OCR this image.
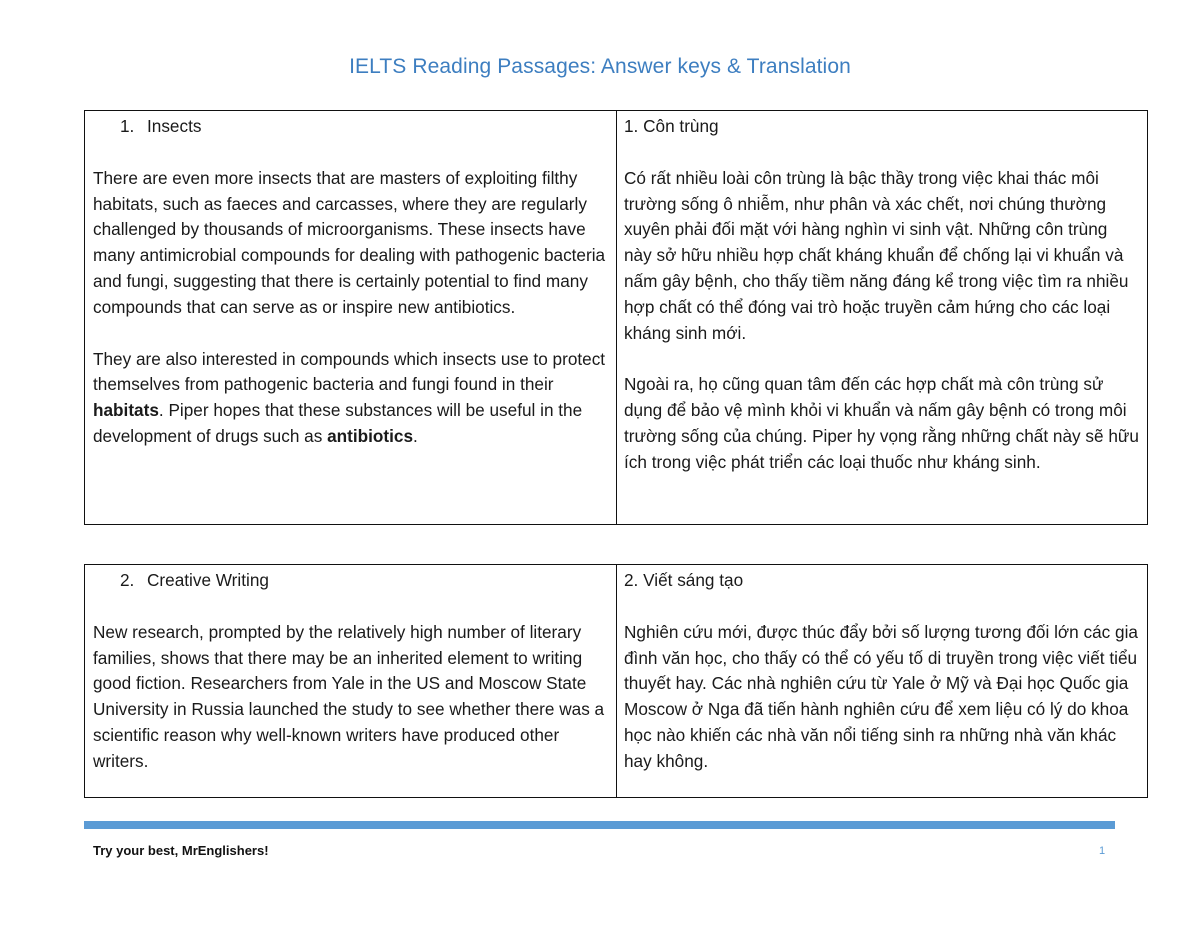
IELTS Reading Passages: Answer keys & Translation

1. Insects

There are even more insects that are masters of exploiting filthy habitats, such as faeces and carcasses, where they are regularly challenged by thousands of microorganisms. These insects have many antimicrobial compounds for dealing with pathogenic bacteria and fungi, suggesting that there is certainly potential to find many compounds that can serve as or inspire new antibiotics.

They are also interested in compounds which insects use to protect themselves from pathogenic bacteria and fungi found in their habitats. Piper hopes that these substances will be useful in the development of drugs such as antibiotics.

1. Côn trùng

Có rất nhiều loài côn trùng là bậc thầy trong việc khai thác môi trường sống ô nhiễm, như phân và xác chết, nơi chúng thường xuyên phải đối mặt với hàng nghìn vi sinh vật. Những côn trùng này sở hữu nhiều hợp chất kháng khuẩn để chống lại vi khuẩn và nấm gây bệnh, cho thấy tiềm năng đáng kể trong việc tìm ra nhiều hợp chất có thể đóng vai trò hoặc truyền cảm hứng cho các loại kháng sinh mới.

Ngoài ra, họ cũng quan tâm đến các hợp chất mà côn trùng sử dụng để bảo vệ mình khỏi vi khuẩn và nấm gây bệnh có trong môi trường sống của chúng. Piper hy vọng rằng những chất này sẽ hữu ích trong việc phát triển các loại thuốc như kháng sinh.

2. Creative Writing

New research, prompted by the relatively high number of literary families, shows that there may be an inherited element to writing good fiction. Researchers from Yale in the US and Moscow State University in Russia launched the study to see whether there was a scientific reason why well-known writers have produced other writers.

2. Viết sáng tạo

Nghiên cứu mới, được thúc đẩy bởi số lượng tương đối lớn các gia đình văn học, cho thấy có thể có yếu tố di truyền trong việc viết tiểu thuyết hay. Các nhà nghiên cứu từ Yale ở Mỹ và Đại học Quốc gia Moscow ở Nga đã tiến hành nghiên cứu để xem liệu có lý do khoa học nào khiến các nhà văn nổi tiếng sinh ra những nhà văn khác hay không.

Try your best, MrEnglishers!	1
